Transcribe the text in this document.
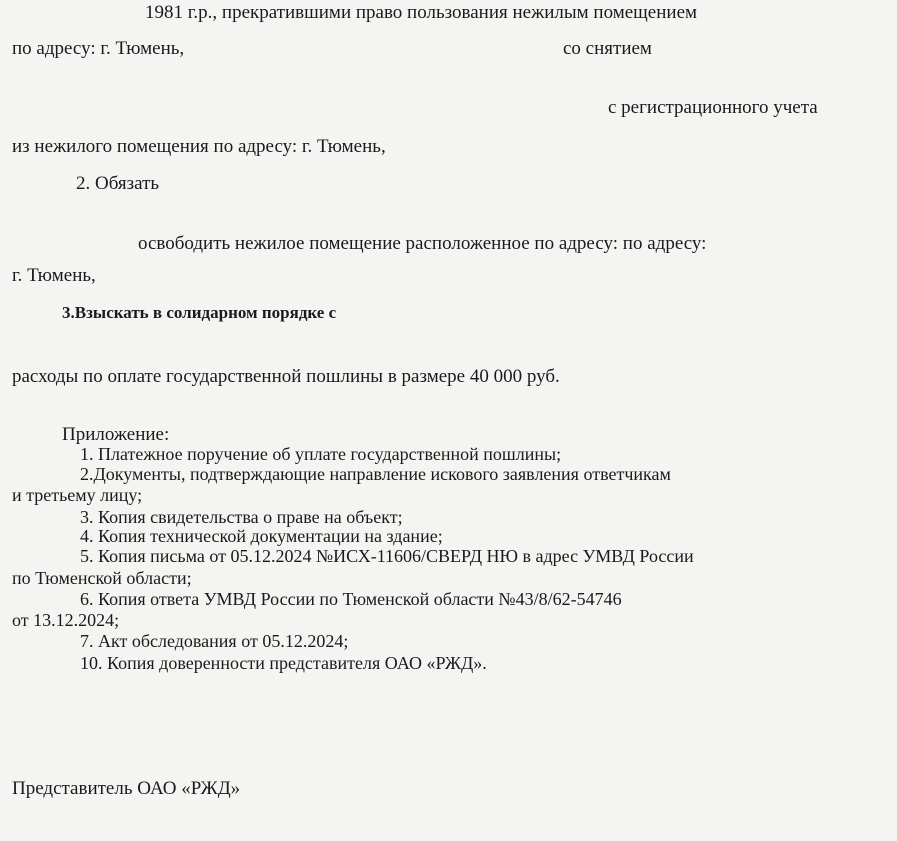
1981 г.р., прекратившими право пользования нежилым помещением
по адресу: г. Тюмень,	со снятием
с регистрационного учета
из нежилого помещения по адресу: г. Тюмень,
2. Обязать
освободить нежилое помещение расположенное по адресу: по адресу:
г. Тюмень,
3.Взыскать в солидарном порядке с
расходы по оплате государственной пошлины в размере 40 000 руб.
Приложение:
1. Платежное поручение об уплате государственной пошлины;
2.Документы, подтверждающие направление искового заявления ответчикам
и третьему лицу;
3. Копия свидетельства о праве на объект;
4. Копия технической документации на здание;
5. Копия письма от 05.12.2024 №ИСХ-11606/СВЕРД НЮ в адрес УМВД России
по Тюменской области;
6. Копия ответа УМВД России по Тюменской области №43/8/62-54746
от 13.12.2024;
7. Акт обследования от 05.12.2024;
10. Копия доверенности представителя ОАО «РЖД».
Представитель ОАО «РЖД»
